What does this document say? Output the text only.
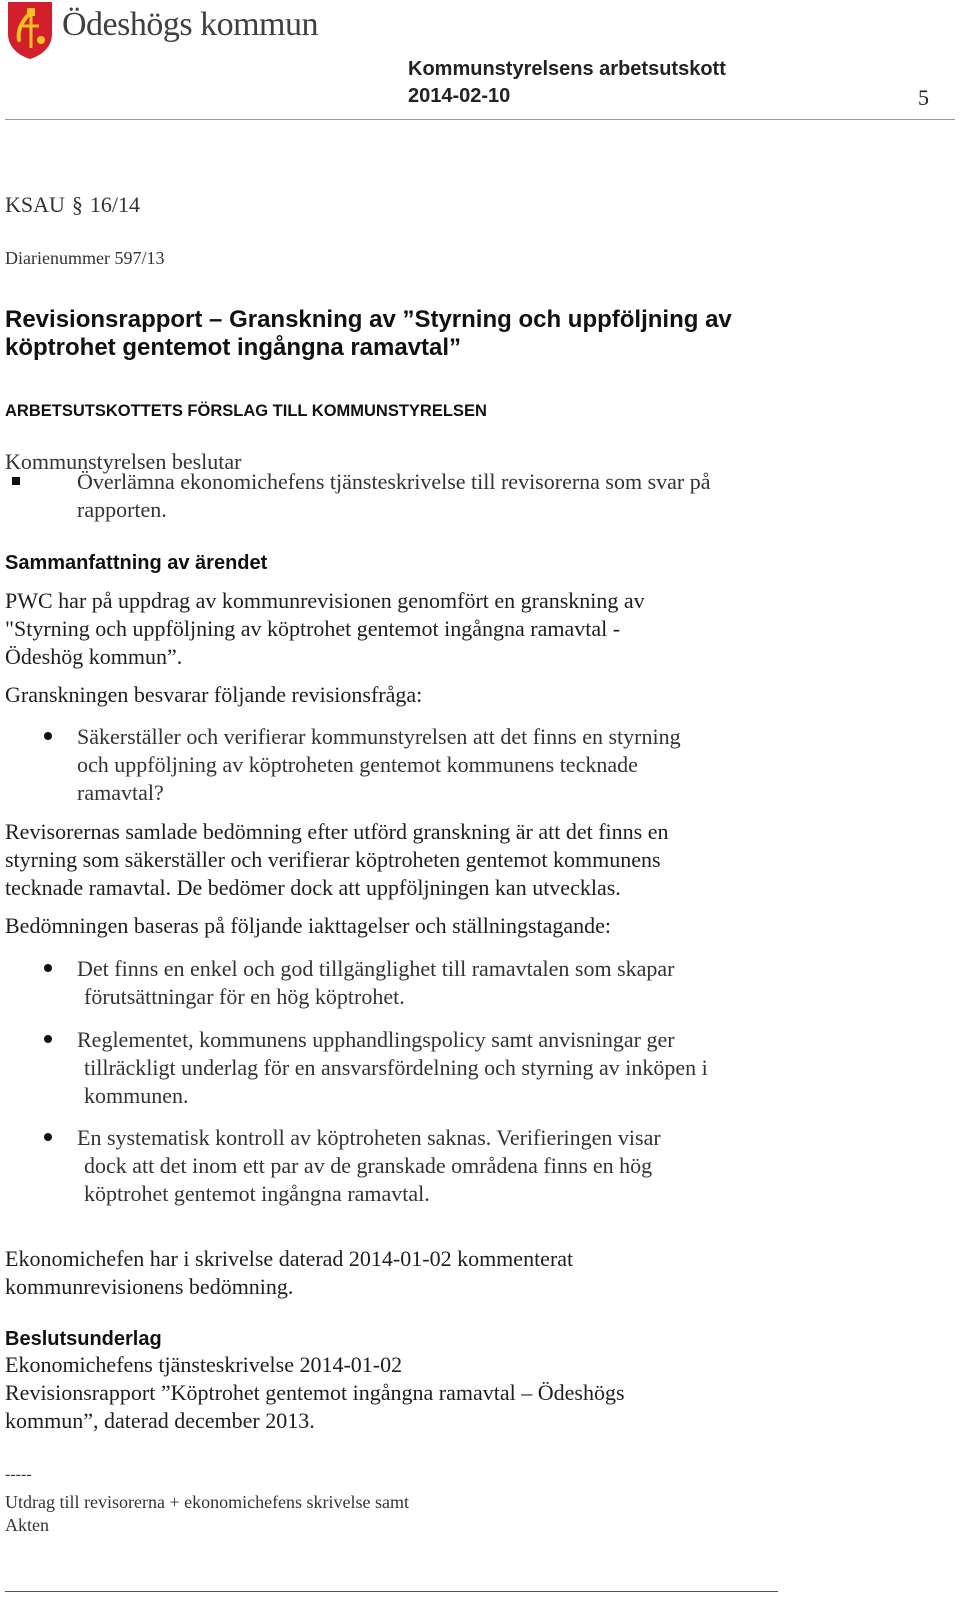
Ödeshögs kommun
Kommunstyrelsens arbetsutskott
2014-02-10	5
KSAU § 16/14
Diarienummer 597/13
Revisionsrapport – Granskning av ”Styrning och uppföljning av
köptrohet gentemot ingångna ramavtal”
ARBETSUTSKOTTETS FÖRSLAG TILL KOMMUNSTYRELSEN
Kommunstyrelsen beslutar
Överlämna ekonomichefens tjänsteskrivelse till revisorerna som svar på
rapporten.
Sammanfattning av ärendet

PWC har på uppdrag av kommunrevisionen genomfört en granskning av

"Styrning och uppföljning av köptrohet gentemot ingångna ramavtal -

Ödeshög kommun”.

Granskningen besvarar följande revisionsfråga:
Säkerställer och verifierar kommunstyrelsen att det finns en styrning
och uppföljning av köptroheten gentemot kommunens tecknade
ramavtal?

Revisorernas samlade bedömning efter utförd granskning är att det finns en

styrning som säkerställer och verifierar köptroheten gentemot kommunens

tecknade ramavtal. De bedömer dock att uppföljningen kan utvecklas.

Bedömningen baseras på följande iakttagelser och ställningstagande:
Det finns en enkel och god tillgänglighet till ramavtalen som skapar
förutsättningar för en hög köptrohet.
Reglementet, kommunens upphandlingspolicy samt anvisningar ger
tillräckligt underlag för en ansvarsfördelning och styrning av inköpen i
kommunen.
En systematisk kontroll av köptroheten saknas. Verifieringen visar
dock att det inom ett par av de granskade områdena finns en hög
köptrohet gentemot ingångna ramavtal.

Ekonomichefen har i skrivelse daterad 2014-01-02 kommenterat

kommunrevisionens bedömning.

Beslutsunderlag

Ekonomichefens tjänsteskrivelse 2014-01-02

Revisionsrapport ”Köptrohet gentemot ingångna ramavtal – Ödeshögs

kommun”, daterad december 2013.

-----
Utdrag till revisorerna + ekonomichefens skrivelse samt
Akten
